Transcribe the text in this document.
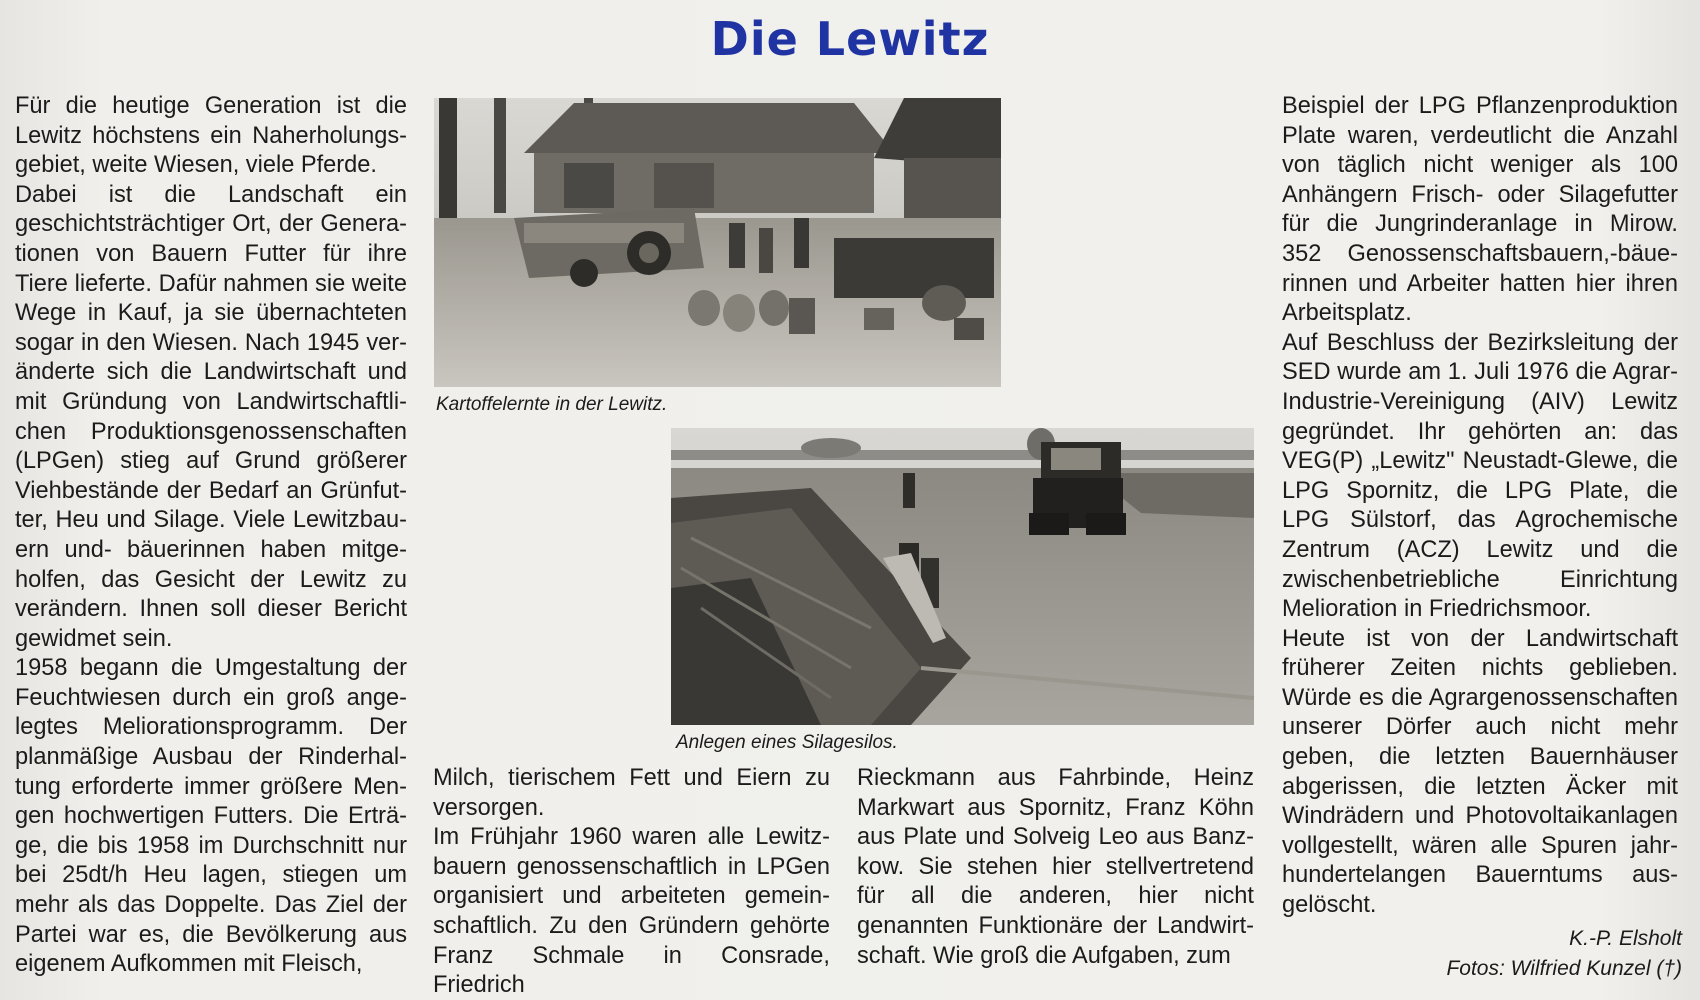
Die Lewitz

Für die heutige Generation ist die Lewitz höchstens ein Naherholungsgebiet, weite Wiesen, viele Pferde.

Dabei ist die Landschaft ein geschichtsträchtiger Ort, der Generationen von Bauern Futter für ihre Tiere lieferte. Dafür nahmen sie weite Wege in Kauf, ja sie übernachteten sogar in den Wiesen. Nach 1945 veränderte sich die Landwirtschaft und mit Gründung von Landwirtschaftlichen Produktionsgenossenschaften (LPGen) stieg auf Grund größerer Viehbestände der Bedarf an Grünfutter, Heu und Silage. Viele Lewitzbauern und- bäuerinnen haben mitgeholfen, das Gesicht der Lewitz zu verändern. Ihnen soll dieser Bericht gewidmet sein.

1958 begann die Umgestaltung der Feuchtwiesen durch ein groß angelegtes Meliorationsprogramm. Der planmäßige Ausbau der Rinderhaltung erforderte immer größere Mengen hochwertigen Futters. Die Erträge, die bis 1958 im Durchschnitt nur bei 25dt/h Heu lagen, stiegen um mehr als das Doppelte. Das Ziel der Partei war es, die Bevölkerung aus eigenem Aufkommen mit Fleisch,

Kartoffelernte in der Lewitz.
Anlegen eines Silagesilos.

Milch, tierischem Fett und Eiern zu versorgen.

Im Frühjahr 1960 waren alle Lewitzbauern genossenschaftlich in LPGen organisiert und arbeiteten gemeinschaftlich. Zu den Gründern gehörte Franz Schmale in Consrade, Friedrich

Rieckmann aus Fahrbinde, Heinz Markwart aus Spornitz, Franz Köhn aus Plate und Solveig Leo aus Banzkow. Sie stehen hier stellvertretend für all die anderen, hier nicht genannten Funktionäre der Landwirtschaft. Wie groß die Aufgaben, zum

Beispiel der LPG Pflanzenproduktion Plate waren, verdeutlicht die Anzahl von täglich nicht weniger als 100 Anhängern Frisch- oder Silagefutter für die Jungrinderanlage in Mirow. 352 Genossenschaftsbauern,-bäuerinnen und Arbeiter hatten hier ihren Arbeitsplatz.

Auf Beschluss der Bezirksleitung der SED wurde am 1. Juli 1976 die AgrarIndustrie-Vereinigung (AIV) Lewitz gegründet. Ihr gehörten an: das VEG(P) „Lewitz" Neustadt-Glewe, die LPG Spornitz, die LPG Plate, die LPG Sülstorf, das Agrochemische Zentrum (ACZ) Lewitz und die zwischenbetriebliche Einrichtung Melioration in Friedrichsmoor.

Heute ist von der Landwirtschaft früherer Zeiten nichts geblieben. Würde es die Agrargenossenschaften unserer Dörfer auch nicht mehr geben, die letzten Bauernhäuser abgerissen, die letzten Äcker mit Windrädern und Photovoltaikanlagen vollgestellt, wären alle Spuren jahrhundertelangen Bauerntums ausgelöscht.

K.-P. Elsholt
Fotos: Wilfried Kunzel (†)
